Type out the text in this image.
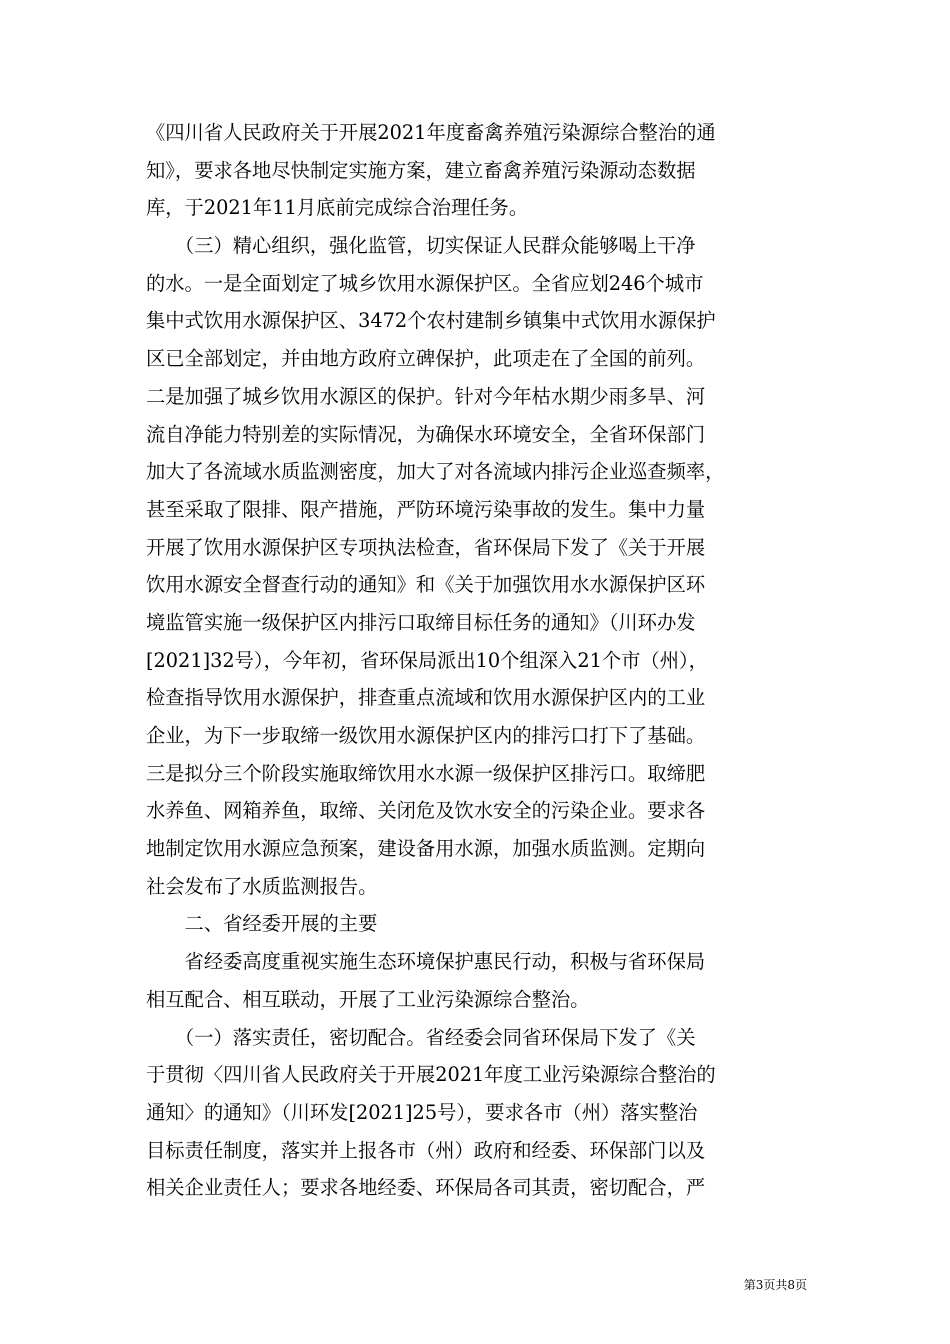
《四川省人民政府关于开展2021年度畜禽养殖污染源综合整治的通
知》，要求各地尽快制定实施方案，建立畜禽养殖污染源动态数据
库，于2021年11月底前完成综合治理任务。
　　（三）精心组织，强化监管，切实保证人民群众能够喝上干净
的水。一是全面划定了城乡饮用水源保护区。全省应划246个城市
集中式饮用水源保护区、3472个农村建制乡镇集中式饮用水源保护
区已全部划定，并由地方政府立碑保护，此项走在了全国的前列。
二是加强了城乡饮用水源区的保护。针对今年枯水期少雨多旱、河
流自净能力特别差的实际情况，为确保水环境安全，全省环保部门
加大了各流域水质监测密度，加大了对各流域内排污企业巡查频率，
甚至采取了限排、限产措施，严防环境污染事故的发生。集中力量
开展了饮用水源保护区专项执法检查，省环保局下发了《关于开展
饮用水源安全督查行动的通知》和《关于加强饮用水水源保护区环
境监管实施一级保护区内排污口取缔目标任务的通知》（川环办发
[2021]32号），今年初，省环保局派出10个组深入21个市（州），
检查指导饮用水源保护，排查重点流域和饮用水源保护区内的工业
企业，为下一步取缔一级饮用水源保护区内的排污口打下了基础。
三是拟分三个阶段实施取缔饮用水水源一级保护区排污口。取缔肥
水养鱼、网箱养鱼，取缔、关闭危及饮水安全的污染企业。要求各
地制定饮用水源应急预案，建设备用水源，加强水质监测。定期向
社会发布了水质监测报告。
　　二、省经委开展的主要
　　省经委高度重视实施生态环境保护惠民行动，积极与省环保局
相互配合、相互联动，开展了工业污染源综合整治。
　　（一）落实责任，密切配合。省经委会同省环保局下发了《关
于贯彻〈四川省人民政府关于开展2021年度工业污染源综合整治的
通知〉的通知》（川环发[2021]25号），要求各市（州）落实整治
目标责任制度，落实并上报各市（州）政府和经委、环保部门以及
相关企业责任人；要求各地经委、环保局各司其责，密切配合，严
第3页共8页
